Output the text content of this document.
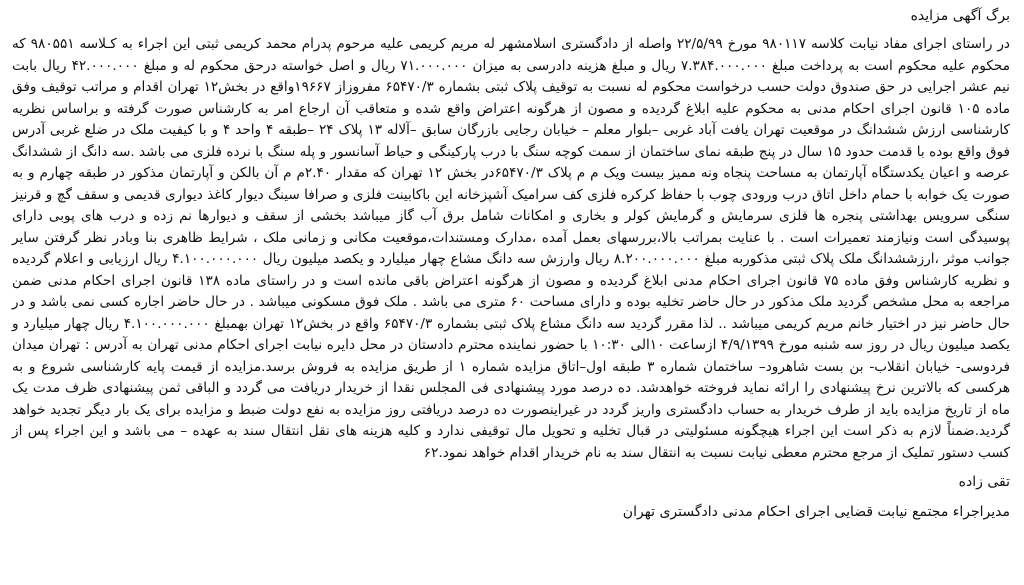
برگ آگهی مزایده

در راستای اجرای مفاد نیابت کلاسه ۹۸۰۱۱۷ مورخ ۲۲/۵/۹۹ واصله از دادگستری اسلامشهر له مریم کریمی علیه مرحوم پدرام محمد کریمی ثبتی این اجراء به کـلاسه ۹۸۰۵۵۱ که محکوم علیه محکوم است به پرداخت مبلغ ۷.۳۸۴.۰۰۰.۰۰۰ ریال و مبلغ هزینه دادرسی به میزان ۷۱.۰۰۰.۰۰۰ ریال و اصل خواسته درحق محکوم له و مبلغ ۴۲.۰۰۰.۰۰۰ ریال بابت نیم عشر اجرایی در حق صندوق دولت حسب درخواست محکوم له نسبت به توقیف پلاک ثبتی بشماره ۶۵۴۷۰/۳ مفروزاز ۱۹۶۶۷واقع در بخش۱۲ تهران اقدام و مراتب توقیف وفق ماده ۱۰۵ قانون اجرای احکام مدنی به محکوم علیه ابلاغ گردیده و مصون از هرگونه اعتراض واقع شده و متعاقب آن ارجاع امر به کارشناس صورت گرفته و براساس نظریه کارشناسی ارزش ششدانگ در موقعیت تهران یافت آباد غربی –بلوار معلم – خیابان رجایی بازرگان سابق –آلاله ۱۳ پلاک ۲۴ –طبقه ۴ واحد ۴ و با کیفیت ملک در ضلع غربی آدرس فوق واقع بوده با قدمت حدود ۱۵ سال در پنج طبقه نمای ساختمان از سمت کوچه سنگ با درب پارکینگی و حیاط آسانسور و پله سنگ با نرده فلزی می باشد .سه دانگ از ششدانگ عرصه و اعیان یکدستگاه آپارتمان به مساحت پنجاه ونه ممیز بیست ویک م م پلاک ۶۵۴۷۰/۳در بخش ۱۲ تهران که مقدار ۲.۴۰م م آن بالکن و آپارتمان مذکور در طبقه چهارم و به صورت یک خوابه با حمام داخل اتاق درب ورودی چوب با حفاظ کرکره فلزی کف سرامیک آشپزخانه این باکابینت فلزی و صرافا سینگ دیوار کاغذ دیواری قدیمی و سقف گچ و قرنیز سنگی سرویس بهداشتی پنجره ها فلزی سرمایش و گرمایش کولر و بخاری و امکانات شامل برق آب گاز میباشد بخشی از سقف و دیوارها نم زده و درب های پوبی دارای پوسیدگی است ونیازمند تعمیرات است . با عنایت بمراتب بالا،بررسهای بعمل آمده ،مدارک ومستندات،موقعیت مکانی و زمانی ملک ، شرایط ظاهری بنا وبادر نظر گرفتن سایر جوانب موثر ،ارزششدانگ ملک پلاک ثبتی مذکوربه مبلغ ۸.۲۰۰.۰۰۰.۰۰۰ ریال وارزش سه دانگ مشاع چهار میلیارد و یکصد میلیون ریال ۴.۱۰۰.۰۰۰.۰۰۰ ریال ارزیابی و اعلام گردیده و نظریه کارشناس وفق ماده ۷۵ قانون اجرای احکام مدنی ابلاغ گردیده و مصون از هرگونه اعتراض باقی مانده است و در راستای ماده ۱۳۸ قانون اجرای احکام مدنی ضمن مراجعه به محل مشخص گردید ملک مذکور در حال حاضر تخلیه بوده و دارای مساحت ۶۰ متری می باشد . ملک فوق مسکونی میباشد . در حال حاضر اجاره کسی نمی باشد و در حال حاضر نیز در اختیار خانم مریم کریمی میباشد .. لذا مقرر گردید سه دانگ مشاع پلاک ثبتی بشماره ۶۵۴۷۰/۳ واقع در بخش۱۲ تهران بهمبلغ ۴.۱۰۰.۰۰۰.۰۰۰ ریال چهار میلیارد و یکصد میلیون ریال در روز سه شنبه مورخ ۴/۹/۱۳۹۹ ازساعت ۱۰الی ۱۰:۳۰ با حضور نماینده محترم دادستان در محل دایره نیابت اجرای احکام مدنی تهران به آدرس : تهران میدان فردوسی- خیابان انقلاب- بن بست شاهرود– ساختمان شماره ۳ طبقه اول–اتاق مزایده شماره ۱ از طریق مزایده به فروش برسد.مزایده از قیمت پایه کارشناسی شروع و به هرکسی که بالاترین نرخ پیشنهادی را ارائه نماید فروخته خواهدشد. ده درصد مورد پیشنهادی فی المجلس نقدا از خریدار دریافت می گردد و الباقی ثمن پیشنهادی ظرف مدت یک ماه از تاریخ مزایده باید از طرف خریدار به حساب دادگستری واریز گردد در غیراینصورت ده درصد دریافتی روز مزایده به نفع دولت ضبط و مزایده برای یک بار دیگر تجدید خواهد گردید.ضمناً لازم به ذکر است این اجراء هیچگونه مسئولیتی در قبال تخلیه و تحویل مال توقیفی ندارد و کلیه هزینه های نقل انتقال سند به عهده – می باشد و این اجراء پس از کسب دستور تملیک از مرجع محترم معطی نیابت نسبت به انتقال سند به نام خریدار اقدام خواهد نمود.۶۲

تقی زاده
مدیراجراء مجتمع نیابت قضایی اجرای احکام مدنی دادگستری تهران
